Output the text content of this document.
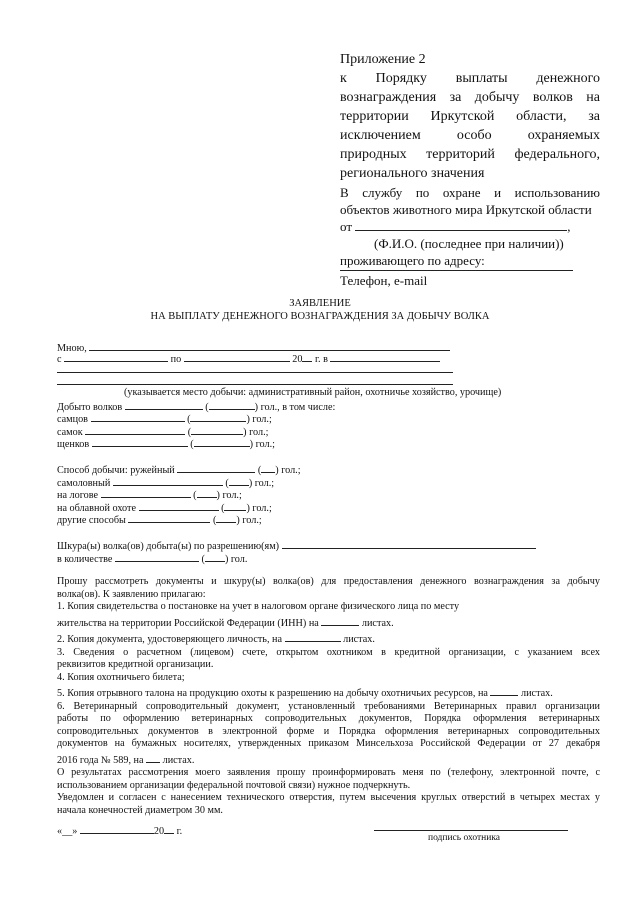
Приложение 2
к Порядку выплаты денежного
вознаграждения за добычу волков на
территории Иркутской области, за
исключением особо охраняемых
природных территорий федерального,
регионального значения
В службу по охране и использованию
объектов животного мира Иркутской области
от	,
(Ф.И.О. (последнее при наличии))
проживающего по адресу:
Телефон, e-mail
ЗАЯВЛЕНИЕ
НА ВЫПЛАТУ ДЕНЕЖНОГО ВОЗНАГРАЖДЕНИЯ ЗА ДОБЫЧУ ВОЛКА
Мною,
с	по	20 г. в
(указывается место добычи: административный район, охотничье хозяйство, урочище)
Добыто волков	(	) гол., в том числе:
самцов	(	) гол.;
самок	(	) гол.;
щенков	(	) гол.;
Способ добычи: ружейный	( ) гол.;
самоловный	( ) гол.;
на логове	( ) гол.;
на облавной охоте	( ) гол.;
другие способы	( ) гол.;
Шкура(ы) волка(ов) добыта(ы) по разрешению(ям)
в количестве	( ) гол.
Прошу рассмотреть документы и шкуру(ы) волка(ов) для предоставления денежного вознаграждения за добычу
волка(ов). К заявлению прилагаю:
1. Копия свидетельства о постановке на учет в налоговом органе физического лица по месту
жительства на территории Российской Федерации (ИНН) на	листах.
2. Копия документа, удостоверяющего личность, на	листах.
3. Сведения о расчетном (лицевом) счете, открытом охотником в кредитной организации, с указанием всех
реквизитов кредитной организации.
4. Копия охотничьего билета;
5. Копия отрывного талона на продукцию охоты к разрешению на добычу охотничьих ресурсов, на	листах.
6. Ветеринарный сопроводительный документ, установленный требованиями Ветеринарных правил организации
работы по оформлению ветеринарных сопроводительных документов, Порядка оформления ветеринарных
сопроводительных документов в электронной форме и Порядка оформления ветеринарных сопроводительных
документов на бумажных носителях, утвержденных приказом Минсельхоза Российской Федерации от 27 декабря
2016 года № 589, на листах.
О результатах рассмотрения моего заявления прошу проинформировать меня по (телефону, электронной почте, с
использованием организации федеральной почтовой связи) нужное подчеркнуть.
Уведомлен и согласен с нанесением технического отверстия, путем высечения круглых отверстий в четырех местах у
начала конечностей диаметром 30 мм.
«__»	20 г.
подпись охотника
